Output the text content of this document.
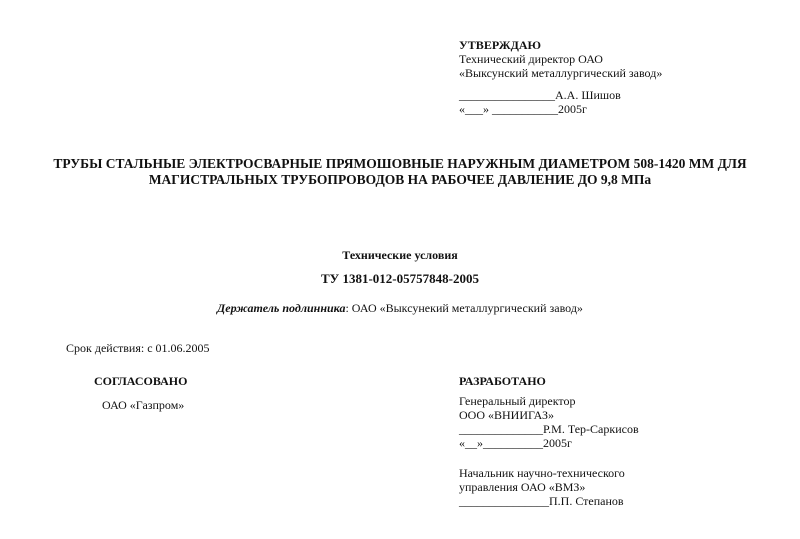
УТВЕРЖДАЮ
Технический директор ОАО
«Выксунский металлургический завод»
________________А.А. Шишов
«___» ___________2005г
ТРУБЫ СТАЛЬНЫЕ ЭЛЕКТРОСВАРНЫЕ ПРЯМОШОВНЫЕ НАРУЖНЫМ ДИАМЕТРОМ 508-1420 ММ ДЛЯ
МАГИСТРАЛЬНЫХ ТРУБОПРОВОДОВ НА РАБОЧЕЕ ДАВЛЕНИЕ ДО 9,8 МПа
Технические условия
ТУ 1381-012-05757848-2005
Держатель подлинника: ОАО «Выксунекий металлургический завод»
Срок действия: с 01.06.2005
СОГЛАСОВАНО
ОАО «Газпром»
РАЗРАБОТАНО
Генеральный директор
ООО «ВНИИГАЗ»
______________Р.М. Тер-Саркисов
«__»__________2005г
Начальник научно-технического
управления ОАО «ВМЗ»
_______________П.П. Степанов
